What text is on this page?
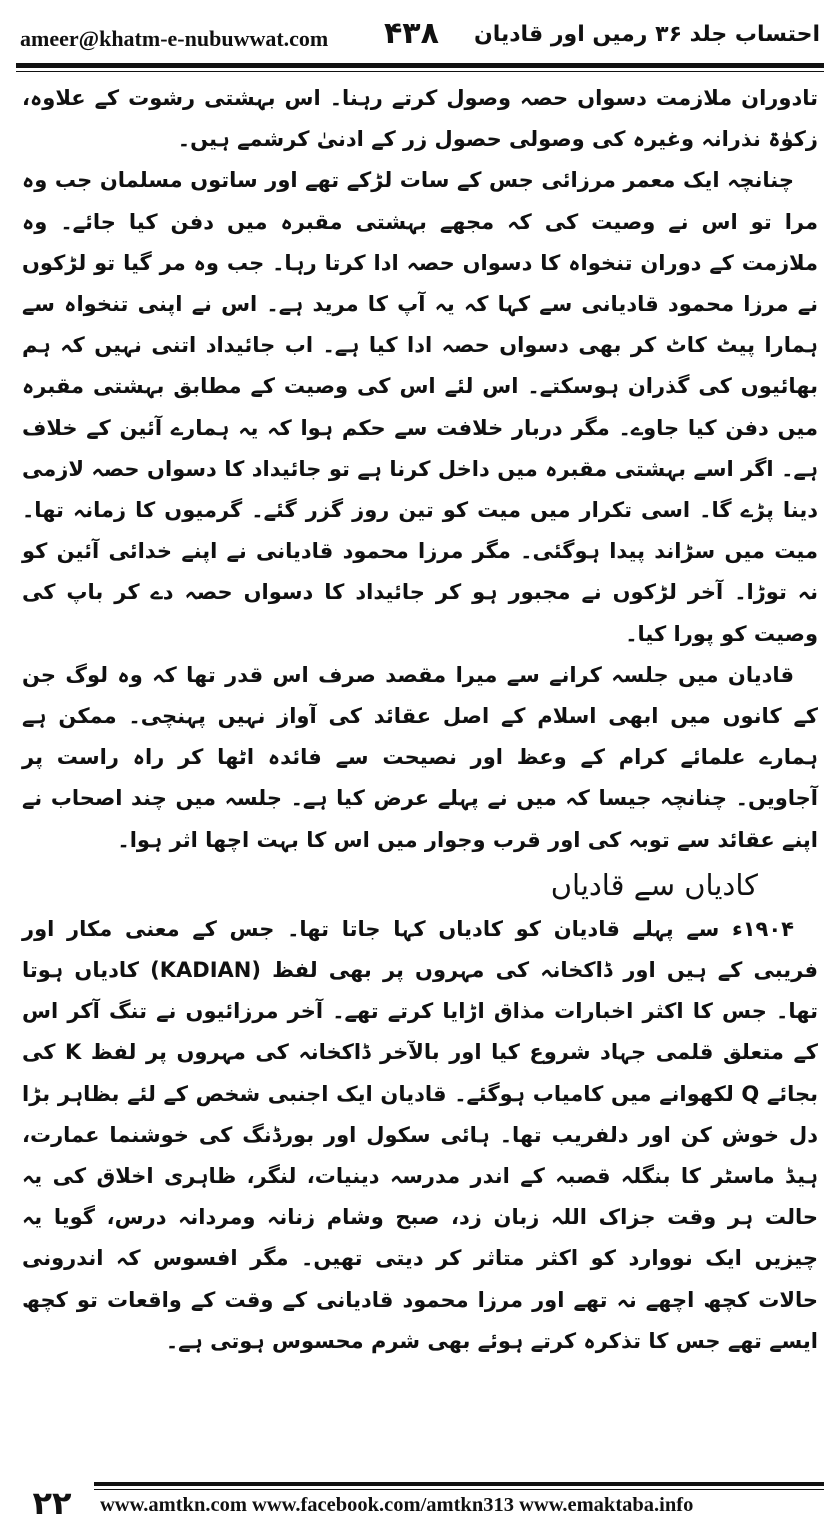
ameer@khatm-e-nubuwwat.com ۴۳۸ احتساب جلد ۳۶ رمیں اور قادیان

تادوران ملازمت دسواں حصہ وصول کرتے رہنا۔ اس بہشتی رشوت کے علاوہ، زکوٰۃ نذرانہ وغیرہ کی وصولی حصول زر کے ادنیٰ کرشمے ہیں۔

چنانچہ ایک معمر مرزائی جس کے سات لڑکے تھے اور ساتوں مسلمان جب وہ مرا تو اس نے وصیت کی کہ مجھے بہشتی مقبرہ میں دفن کیا جائے۔ وہ ملازمت کے دوران تنخواہ کا دسواں حصہ ادا کرتا رہا۔ جب وہ مر گیا تو لڑکوں نے مرزا محمود قادیانی سے کہا کہ یہ آپ کا مرید ہے۔ اس نے اپنی تنخواہ سے ہمارا پیٹ کاٹ کر بھی دسواں حصہ ادا کیا ہے۔ اب جائیداد اتنی نہیں کہ ہم بھائیوں کی گذران ہوسکتے۔ اس لئے اس کی وصیت کے مطابق بہشتی مقبرہ میں دفن کیا جاوے۔ مگر دربار خلافت سے حکم ہوا کہ یہ ہمارے آئین کے خلاف ہے۔ اگر اسے بہشتی مقبرہ میں داخل کرنا ہے تو جائیداد کا دسواں حصہ لازمی دینا پڑے گا۔ اسی تکرار میں میت کو تین روز گزر گئے۔ گرمیوں کا زمانہ تھا۔ میت میں سڑاند پیدا ہوگئی۔ مگر مرزا محمود قادیانی نے اپنے خدائی آئین کو نہ توڑا۔ آخر لڑکوں نے مجبور ہو کر جائیداد کا دسواں حصہ دے کر باپ کی وصیت کو پورا کیا۔

قادیان میں جلسہ کرانے سے میرا مقصد صرف اس قدر تھا کہ وہ لوگ جن کے کانوں میں ابھی اسلام کے اصل عقائد کی آواز نہیں پہنچی۔ ممکن ہے ہمارے علمائے کرام کے وعظ اور نصیحت سے فائدہ اٹھا کر راہ راست پر آجاویں۔ چنانچہ جیسا کہ میں نے پہلے عرض کیا ہے۔ جلسہ میں چند اصحاب نے اپنے عقائد سے توبہ کی اور قرب وجوار میں اس کا بہت اچھا اثر ہوا۔

کادیاں سے قادیاں

۱۹۰۴ء سے پہلے قادیان کو کادیاں کہا جاتا تھا۔ جس کے معنی مکار اور فریبی کے ہیں اور ڈاکخانہ کی مہروں پر بھی لفظ (KADIAN) کادیاں ہوتا تھا۔ جس کا اکثر اخبارات مذاق اڑایا کرتے تھے۔ آخر مرزائیوں نے تنگ آکر اس کے متعلق قلمی جہاد شروع کیا اور بالآخر ڈاکخانہ کی مہروں پر لفظ K کی بجائے Q لکھوانے میں کامیاب ہوگئے۔ قادیان ایک اجنبی شخص کے لئے بظاہر بڑا دل خوش کن اور دلفریب تھا۔ ہائی سکول اور بورڈنگ کی خوشنما عمارت، ہیڈ ماسٹر کا بنگلہ قصبہ کے اندر مدرسہ دینیات، لنگر، ظاہری اخلاق کی یہ حالت ہر وقت جزاک اللہ زبان زد، صبح وشام زنانہ ومردانہ درس، گویا یہ چیزیں ایک نووارد کو اکثر متاثر کر دیتی تھیں۔ مگر افسوس کہ اندرونی حالات کچھ اچھے نہ تھے اور مرزا محمود قادیانی کے وقت کے واقعات تو کچھ ایسے تھے جس کا تذکرہ کرتے ہوئے بھی شرم محسوس ہوتی ہے۔

۲۲	www.amtkn.com www.facebook.com/amtkn313 www.emaktaba.info
